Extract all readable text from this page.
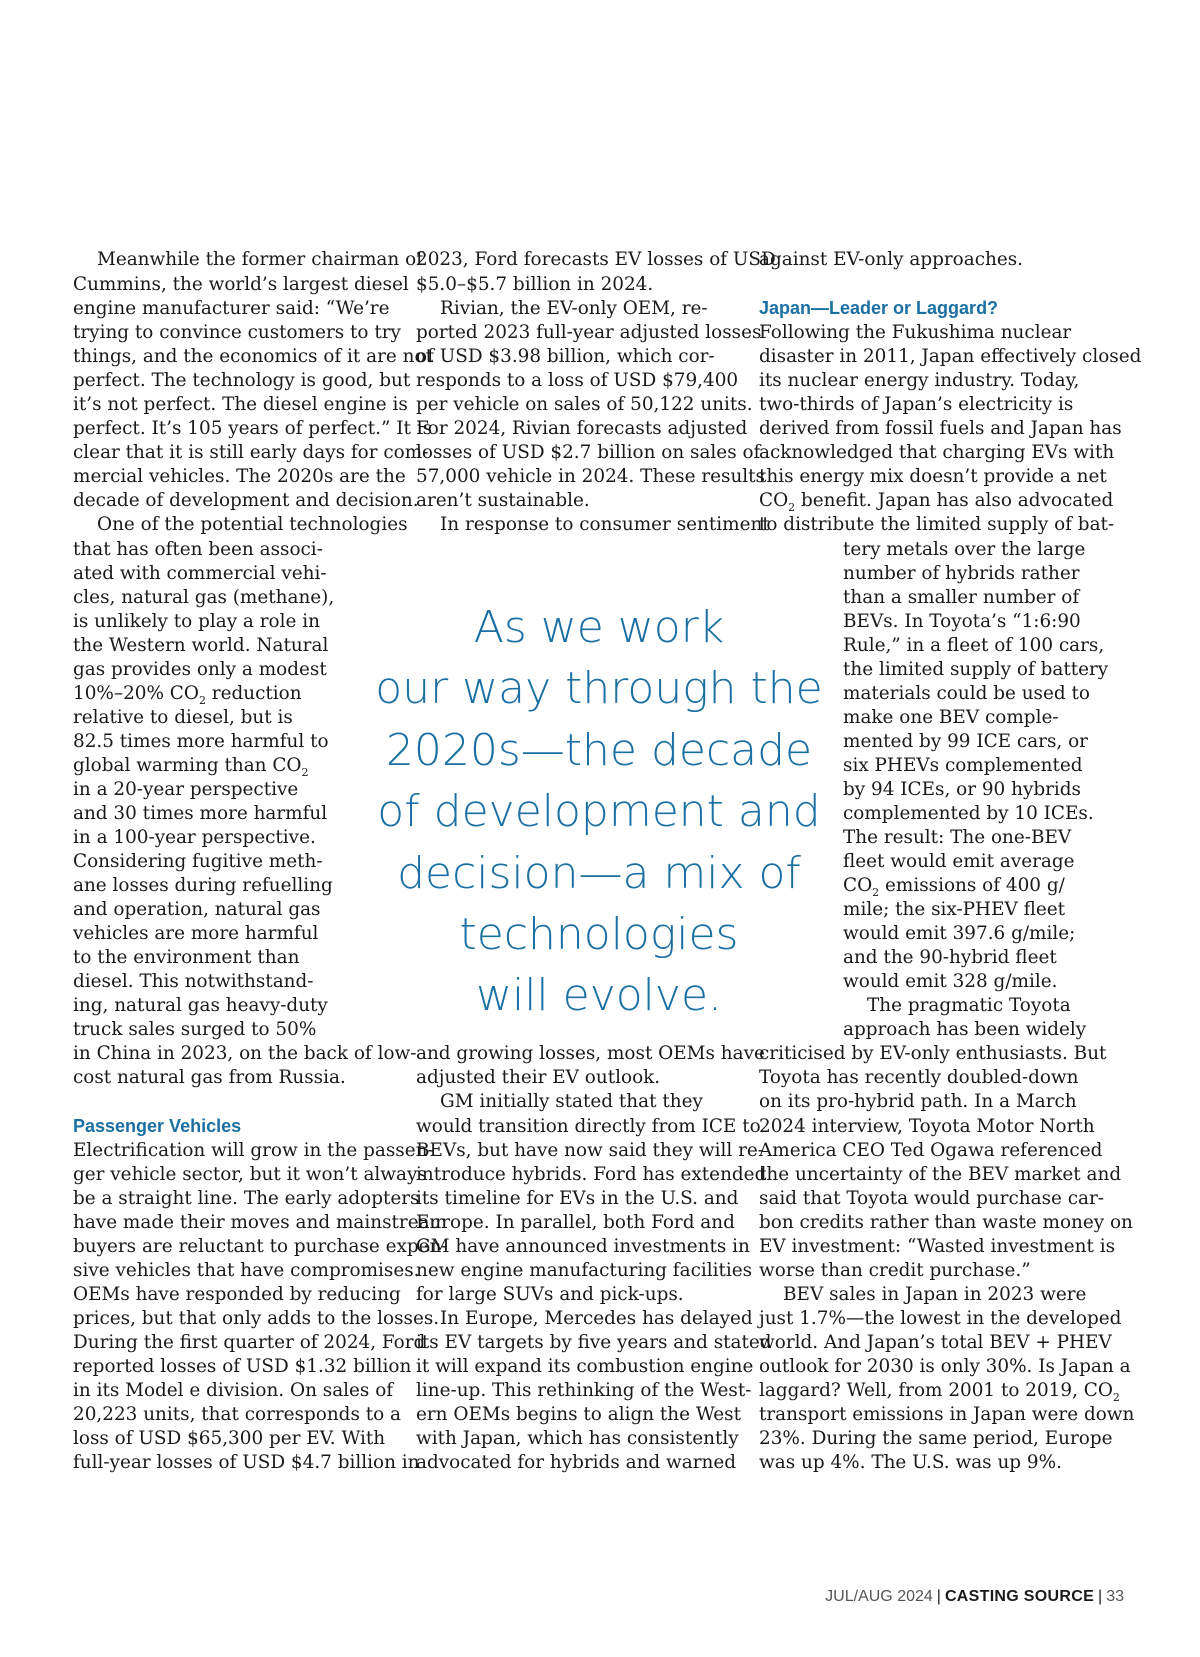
Meanwhile the former chairman of
Cummins, the world’s largest diesel
engine manufacturer said: “We’re
trying to convince customers to try
things, and the economics of it are not
perfect. The technology is good, but
it’s not perfect. The diesel engine is
perfect. It’s 105 years of perfect.” It is
clear that it is still early days for com-
mercial vehicles. The 2020s are the
decade of development and decision.
One of the potential technologies
that has often been associ-
ated with commercial vehi-
cles, natural gas (methane),
is unlikely to play a role in
the Western world. Natural
gas provides only a modest
10%–20% $CO_2$ reduction
relative to diesel, but is
82.5 times more harmful to
global warming than $CO_2$
in a 20-year perspective
and 30 times more harmful
in a 100-year perspective.
Considering fugitive meth-
ane losses during refuelling
and operation, natural gas
vehicles are more harmful
to the environment than
diesel. This notwithstand-
ing, natural gas heavy-duty
truck sales surged to 50%
in China in 2023, on the back of low-
cost natural gas from Russia.
Passenger Vehicles
Electrification will grow in the passen-
ger vehicle sector, but it won’t always
be a straight line. The early adopters
have made their moves and mainstream
buyers are reluctant to purchase expen-
sive vehicles that have compromises.
OEMs have responded by reducing
prices, but that only adds to the losses.
During the first quarter of 2024, Ford
reported losses of USD $1.32 billion
in its Model e division. On sales of
20,223 units, that corresponds to a
loss of USD $65,300 per EV. With
full-year losses of USD $4.7 billion in
2023, Ford forecasts EV losses of USD
$5.0–$5.7 billion in 2024.
Rivian, the EV-only OEM, re-
ported 2023 full-year adjusted losses
of USD $3.98 billion, which cor-
responds to a loss of USD $79,400
per vehicle on sales of 50,122 units.
For 2024, Rivian forecasts adjusted
losses of USD $2.7 billion on sales of
57,000 vehicle in 2024. These results
aren’t sustainable.
In response to consumer sentiment
and growing losses, most OEMs have
adjusted their EV outlook.
GM initially stated that they
would transition directly from ICE to
BEVs, but have now said they will re-
introduce hybrids. Ford has extended
its timeline for EVs in the U.S. and
Europe. In parallel, both Ford and
GM have announced investments in
new engine manufacturing facilities
for large SUVs and pick-ups.
In Europe, Mercedes has delayed
its EV targets by five years and stated
it will expand its combustion engine
line-up. This rethinking of the West-
ern OEMs begins to align the West
with Japan, which has consistently
advocated for hybrids and warned
As we work
our way through the
2020s—the decade
of development and
decision—a mix of
technologies
will evolve.
against EV-only approaches.
Japan—Leader or Laggard?
Following the Fukushima nuclear
disaster in 2011, Japan effectively closed
its nuclear energy industry. Today,
two-thirds of Japan’s electricity is
derived from fossil fuels and Japan has
acknowledged that charging EVs with
this energy mix doesn’t provide a net
$CO_2$ benefit. Japan has also advocated
to distribute the limited supply of bat-
tery metals over the large
number of hybrids rather
than a smaller number of
BEVs. In Toyota’s “1:6:90
Rule,” in a fleet of 100 cars,
the limited supply of battery
materials could be used to
make one BEV comple-
mented by 99 ICE cars, or
six PHEVs complemented
by 94 ICEs, or 90 hybrids
complemented by 10 ICEs.
The result: The one-BEV
fleet would emit average
$CO_2$ emissions of 400 g/
mile; the six-PHEV fleet
would emit 397.6 g/mile;
and the 90-hybrid fleet
would emit 328 g/mile.
The pragmatic Toyota
approach has been widely
criticised by EV-only enthusiasts. But
Toyota has recently doubled-down
on its pro-hybrid path. In a March
2024 interview, Toyota Motor North
America CEO Ted Ogawa referenced
the uncertainty of the BEV market and
said that Toyota would purchase car-
bon credits rather than waste money on
EV investment: “Wasted investment is
worse than credit purchase.”
BEV sales in Japan in 2023 were
just 1.7%—the lowest in the developed
world. And Japan’s total BEV + PHEV
outlook for 2030 is only 30%. Is Japan a
laggard? Well, from 2001 to 2019, $CO_2$
transport emissions in Japan were down
23%. During the same period, Europe
was up 4%. The U.S. was up 9%.
JUL/AUG 2024 | CASTING SOURCE | 33
